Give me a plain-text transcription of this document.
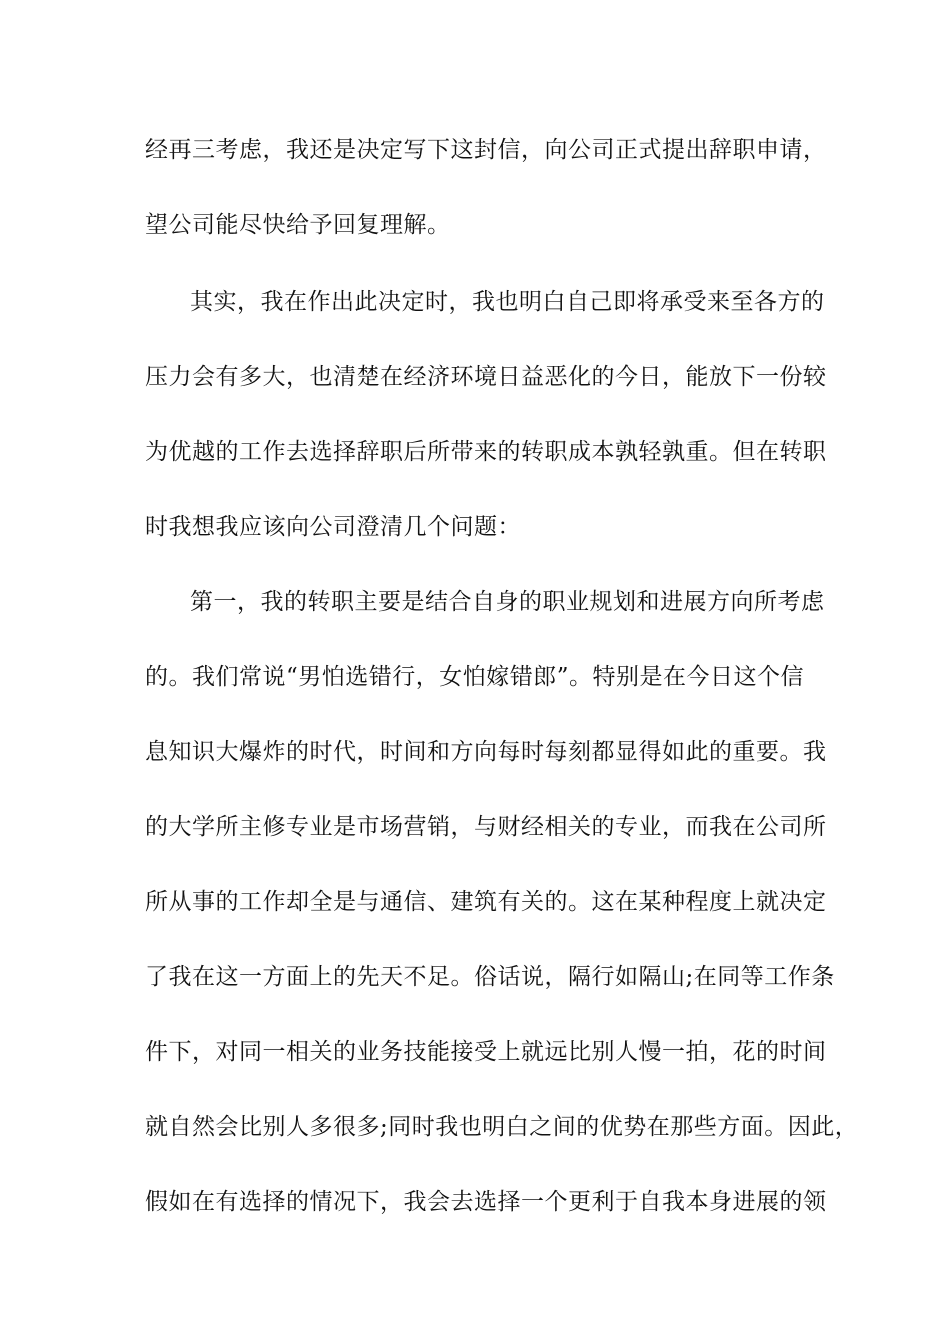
经再三考虑，我还是决定写下这封信，向公司正式提出辞职申请，
望公司能尽快给予回复理解。
其实，我在作出此决定时，我也明白自己即将承受来至各方的
压力会有多大，也清楚在经济环境日益恶化的今日，能放下一份较
为优越的工作去选择辞职后所带来的转职成本孰轻孰重。但在转职
时我想我应该向公司澄清几个问题：
第一，我的转职主要是结合自身的职业规划和进展方向所考虑
的。我们常说“男怕选错行，女怕嫁错郎”。特别是在今日这个信
息知识大爆炸的时代，时间和方向每时每刻都显得如此的重要。我
的大学所主修专业是市场营销，与财经相关的专业，而我在公司所
所从事的工作却全是与通信、建筑有关的。这在某种程度上就决定
了我在这一方面上的先天不足。俗话说，隔行如隔山;在同等工作条
件下，对同一相关的业务技能接受上就远比别人慢一拍，花的时间
就自然会比别人多很多;同时我也明白之间的优势在那些方面。因此，
假如在有选择的情况下，我会去选择一个更利于自我本身进展的领
